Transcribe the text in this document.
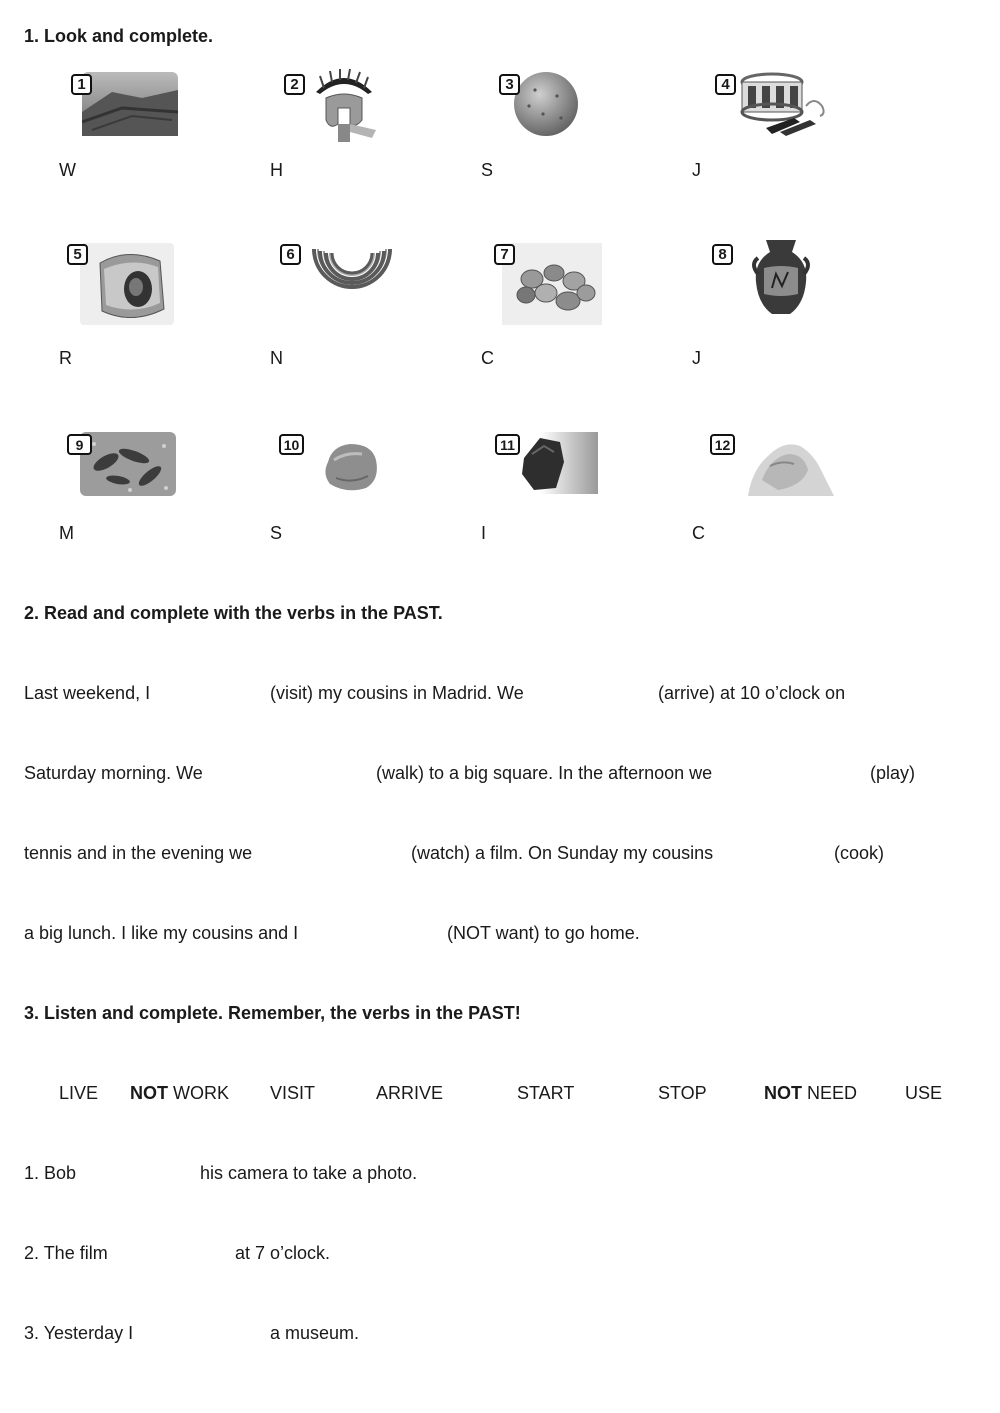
1. Look and complete.
1	2	3	4
W	H	S	J
5	6	7	8
R	N	C	J
9	10	11	12
M	S	I	C
2. Read and complete with the verbs in the PAST.
Last weekend, I	(visit) my cousins in Madrid. We	(arrive) at 10 o’clock on
Saturday morning. We	(walk) to a big square. In the afternoon we	(play)
tennis and in the evening we	(watch) a film. On Sunday my cousins	(cook)
a big lunch. I like my cousins and I	(NOT want) to go home.
3. Listen and complete. Remember, the verbs in the PAST!
LIVE NOT WORK VISIT	ARRIVE	START	STOP	NOT NEED	USE
1. Bob	his camera to take a photo.
2. The film	at 7 o’clock.
3. Yesterday I	a museum.
